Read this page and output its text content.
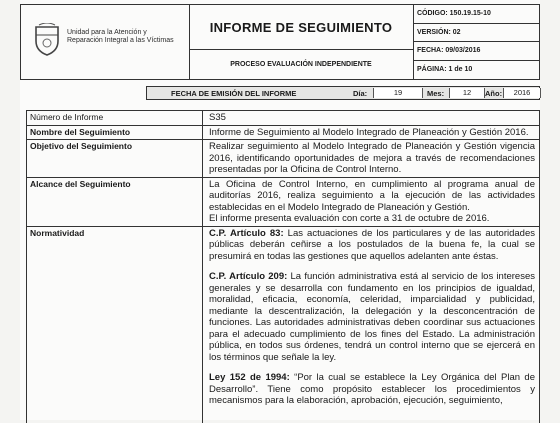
Unidad para la Atención y Reparación Integral a las Víctimas
INFORME DE SEGUIMIENTO
PROCESO EVALUACIÓN INDEPENDIENTE
CÓDIGO: 150.19.15-10
VERSIÓN: 02
FECHA: 09/03/2016
PÁGINA: 1 de 10
FECHA DE EMISIÓN DEL INFORME	Día:	19	Mes:	12	Año:	2016
Número de Informe	S35
Nombre del Seguimiento	Informe de Seguimiento al Modelo Integrado de Planeación y Gestión 2016.
Objetivo del Seguimiento	Realizar seguimiento al Modelo Integrado de Planeación y Gestión vigencia 2016, identificando oportunidades de mejora a través de recomendaciones presentadas por la Oficina de Control Interno.
Alcance del Seguimiento	La Oficina de Control Interno, en cumplimiento al programa anual de auditorías 2016, realiza seguimiento a la ejecución de las actividades establecidas en el Modelo Integrado de Planeación y Gestión.
El informe presenta evaluación con corte a 31 de octubre de 2016.
Normatividad	C.P. Artículo 83: Las actuaciones de los particulares y de las autoridades públicas deberán ceñirse a los postulados de la buena fe, la cual se presumirá en todas las gestiones que aquellos adelanten ante éstas.

C.P. Artículo 209: La función administrativa está al servicio de los intereses generales y se desarrolla con fundamento en los principios de igualdad, moralidad, eficacia, economía, celeridad, imparcialidad y publicidad, mediante la descentralización, la delegación y la desconcentración de funciones. Las autoridades administrativas deben coordinar sus actuaciones para el adecuado cumplimiento de los fines del Estado. La administración pública, en todos sus órdenes, tendrá un control interno que se ejercerá en los términos que señale la ley.

Ley 152 de 1994: “Por la cual se establece la Ley Orgánica del Plan de Desarrollo”. Tiene como propósito establecer los procedimientos y mecanismos para la elaboración, aprobación, ejecución, seguimiento,
